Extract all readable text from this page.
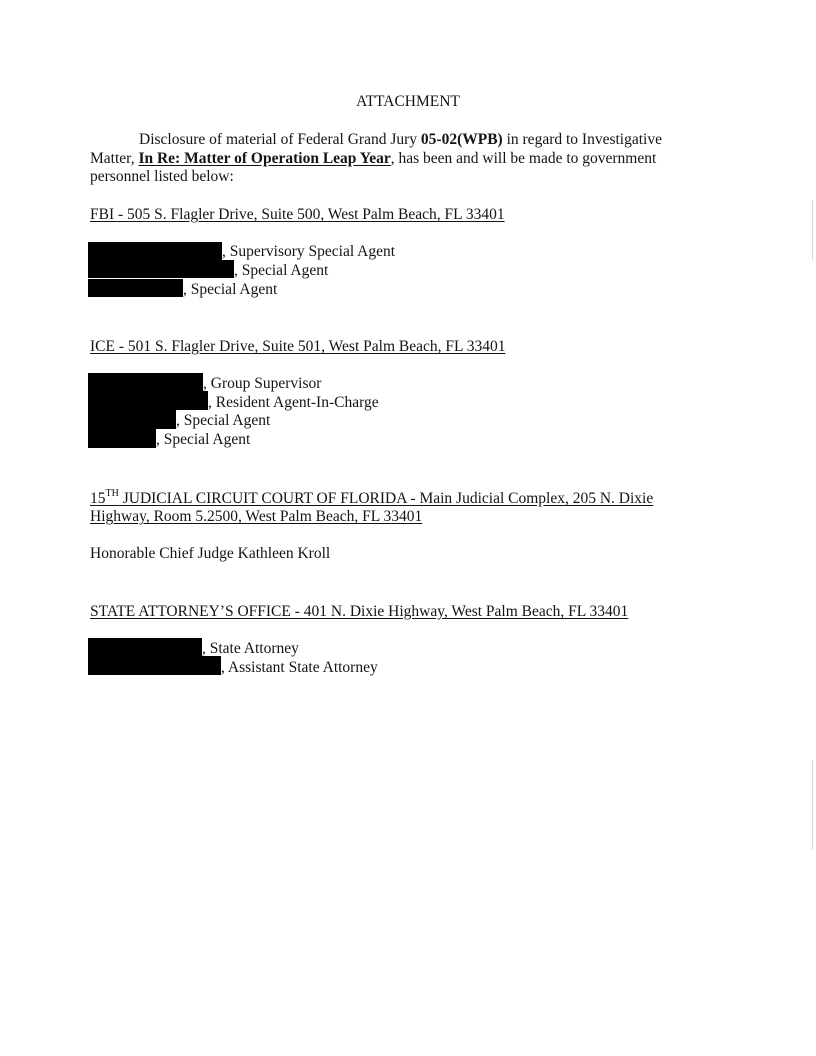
ATTACHMENT
Disclosure of material of Federal Grand Jury 05-02(WPB) in regard to Investigative
Matter, In Re: Matter of Operation Leap Year, has been and will be made to government
personnel listed below:
FBI - 505 S. Flagler Drive, Suite 500, West Palm Beach, FL 33401
, Supervisory Special Agent
, Special Agent
, Special Agent
ICE - 501 S. Flagler Drive, Suite 501, West Palm Beach, FL 33401
, Group Supervisor
, Resident Agent-In-Charge
, Special Agent
, Special Agent
15TH JUDICIAL CIRCUIT COURT OF FLORIDA - Main Judicial Complex, 205 N. Dixie
Highway, Room 5.2500, West Palm Beach, FL 33401
Honorable Chief Judge Kathleen Kroll
STATE ATTORNEY’S OFFICE - 401 N. Dixie Highway, West Palm Beach, FL 33401
, State Attorney
, Assistant State Attorney
